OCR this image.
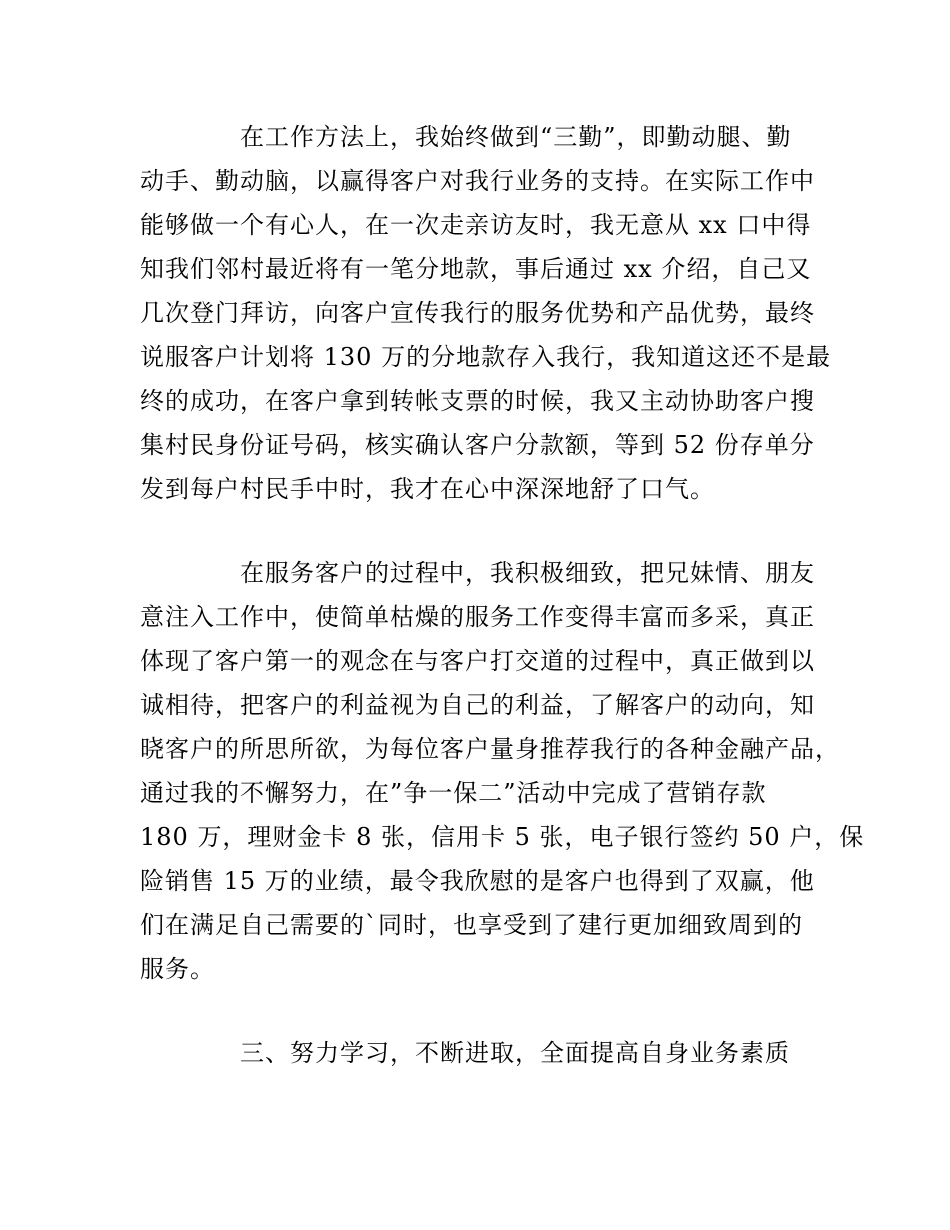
在工作方法上，我始终做到“三勤”，即勤动腿、勤
动手、勤动脑，以赢得客户对我行业务的支持。在实际工作中
能够做一个有心人，在一次走亲访友时，我无意从 xx 口中得
知我们邻村最近将有一笔分地款，事后通过 xx 介绍，自己又
几次登门拜访，向客户宣传我行的服务优势和产品优势，最终
说服客户计划将 130 万的分地款存入我行，我知道这还不是最
终的成功，在客户拿到转帐支票的时候，我又主动协助客户搜
集村民身份证号码，核实确认客户分款额，等到 52 份存单分
发到每户村民手中时，我才在心中深深地舒了口气。
在服务客户的过程中，我积极细致，把兄妹情、朋友
意注入工作中，使简单枯燥的服务工作变得丰富而多采，真正
体现了客户第一的观念在与客户打交道的过程中，真正做到以
诚相待，把客户的利益视为自己的利益，了解客户的动向，知
晓客户的所思所欲，为每位客户量身推荐我行的各种金融产品，
通过我的不懈努力，在”争一保二”活动中完成了营销存款
180 万，理财金卡 8 张，信用卡 5 张，电子银行签约 50 户，保
险销售 15 万的业绩，最令我欣慰的是客户也得到了双赢，他
们在满足自己需要的`同时，也享受到了建行更加细致周到的
服务。
三、努力学习，不断进取，全面提高自身业务素质
